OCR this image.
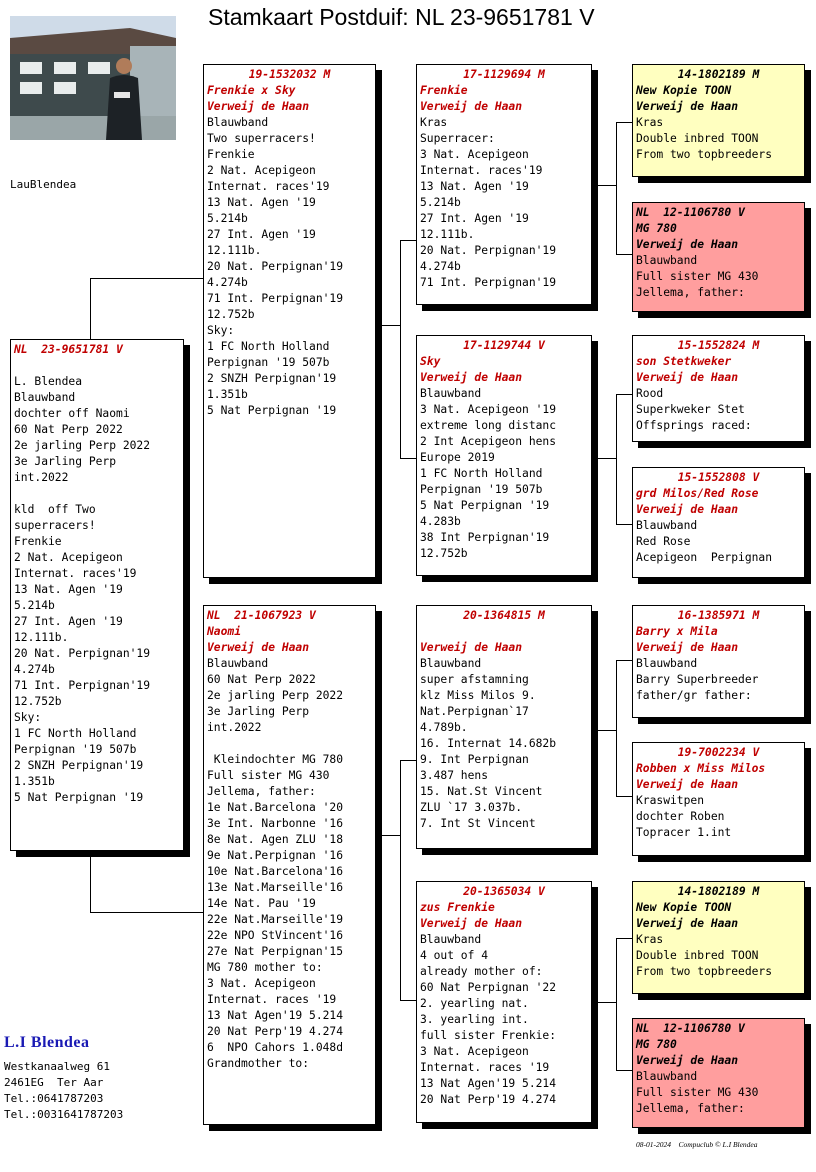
Stamkaart Postduif: NL 23-9651781 V
LauBlendea
NL  23-9651781 V
L. Blendea
Blauwband
dochter off Naomi
60 Nat Perp 2022
2e jarling Perp 2022
3e Jarling Perp
int.2022
kld  off Two
superracers!
Frenkie
2 Nat. Acepigeon
Internat. races'19
13 Nat. Agen '19
5.214b
27 Int. Agen '19
12.111b.
20 Nat. Perpignan'19
4.274b
71 Int. Perpignan'19
12.752b
Sky:
1 FC North Holland
Perpignan '19 507b
2 SNZH Perpignan'19
1.351b
5 Nat Perpignan '19
19-1532032 M
Frenkie x Sky
Verweij de Haan
Blauwband
Two superracers!
Frenkie
2 Nat. Acepigeon
Internat. races'19
13 Nat. Agen '19
5.214b
27 Int. Agen '19
12.111b.
20 Nat. Perpignan'19
4.274b
71 Int. Perpignan'19
12.752b
Sky:
1 FC North Holland
Perpignan '19 507b
2 SNZH Perpignan'19
1.351b
5 Nat Perpignan '19
NL  21-1067923 V
Naomi
Verweij de Haan
Blauwband
60 Nat Perp 2022
2e jarling Perp 2022
3e Jarling Perp
int.2022
Kleindochter MG 780
Full sister MG 430
Jellema, father:
1e Nat.Barcelona '20
3e Int. Narbonne '16
8e Nat. Agen ZLU '18
9e Nat.Perpignan '16
10e Nat.Barcelona'16
13e Nat.Marseille'16
14e Nat. Pau '19
22e Nat.Marseille'19
22e NPO StVincent'16
27e Nat Perpignan'15
MG 780 mother to:
3 Nat. Acepigeon
Internat. races '19
13 Nat Agen'19 5.214
20 Nat Perp'19 4.274
6  NPO Cahors 1.048d
Grandmother to:
17-1129694 M
Frenkie
Verweij de Haan
Kras
Superracer:
3 Nat. Acepigeon
Internat. races'19
13 Nat. Agen '19
5.214b
27 Int. Agen '19
12.111b.
20 Nat. Perpignan'19
4.274b
71 Int. Perpignan'19
17-1129744 V
Sky
Verweij de Haan
Blauwband
3 Nat. Acepigeon '19
extreme long distanc
2 Int Acepigeon hens
Europe 2019
1 FC North Holland
Perpignan '19 507b
5 Nat Perpignan '19
4.283b
38 Int Perpignan'19
12.752b
20-1364815 M
Verweij de Haan
Blauwband
super afstamning
klz Miss Milos 9.
Nat.Perpignan`17
4.789b.
16. Internat 14.682b
9. Int Perpignan
3.487 hens
15. Nat.St Vincent
ZLU `17 3.037b.
7. Int St Vincent
20-1365034 V
zus Frenkie
Verweij de Haan
Blauwband
4 out of 4
already mother of:
60 Nat Perpignan '22
2. yearling nat.
3. yearling int.
full sister Frenkie:
3 Nat. Acepigeon
Internat. races '19
13 Nat Agen'19 5.214
20 Nat Perp'19 4.274
14-1802189 M
New Kopie TOON
Verweij de Haan
Kras
Double inbred TOON
From two topbreeders
NL  12-1106780 V
MG 780
Verweij de Haan
Blauwband
Full sister MG 430
Jellema, father:
15-1552824 M
son Stetkweker
Verweij de Haan
Rood
Superkweker Stet
Offsprings raced:
15-1552808 V
grd Milos/Red Rose
Verweij de Haan
Blauwband
Red Rose
Acepigeon  Perpignan
16-1385971 M
Barry x Mila
Verweij de Haan
Blauwband
Barry Superbreeder
father/gr father:
19-7002234 V
Robben x Miss Milos
Verweij de Haan
Kraswitpen
dochter Roben
Topracer 1.int
14-1802189 M
New Kopie TOON
Verweij de Haan
Kras
Double inbred TOON
From two topbreeders
NL  12-1106780 V
MG 780
Verweij de Haan
Blauwband
Full sister MG 430
Jellema, father:
L.I Blendea
Westkanaalweg 61
2461EG  Ter Aar
Tel.:0641787203
Tel.:0031641787203
08-01-2024    Compuclub © L.I Blendea
